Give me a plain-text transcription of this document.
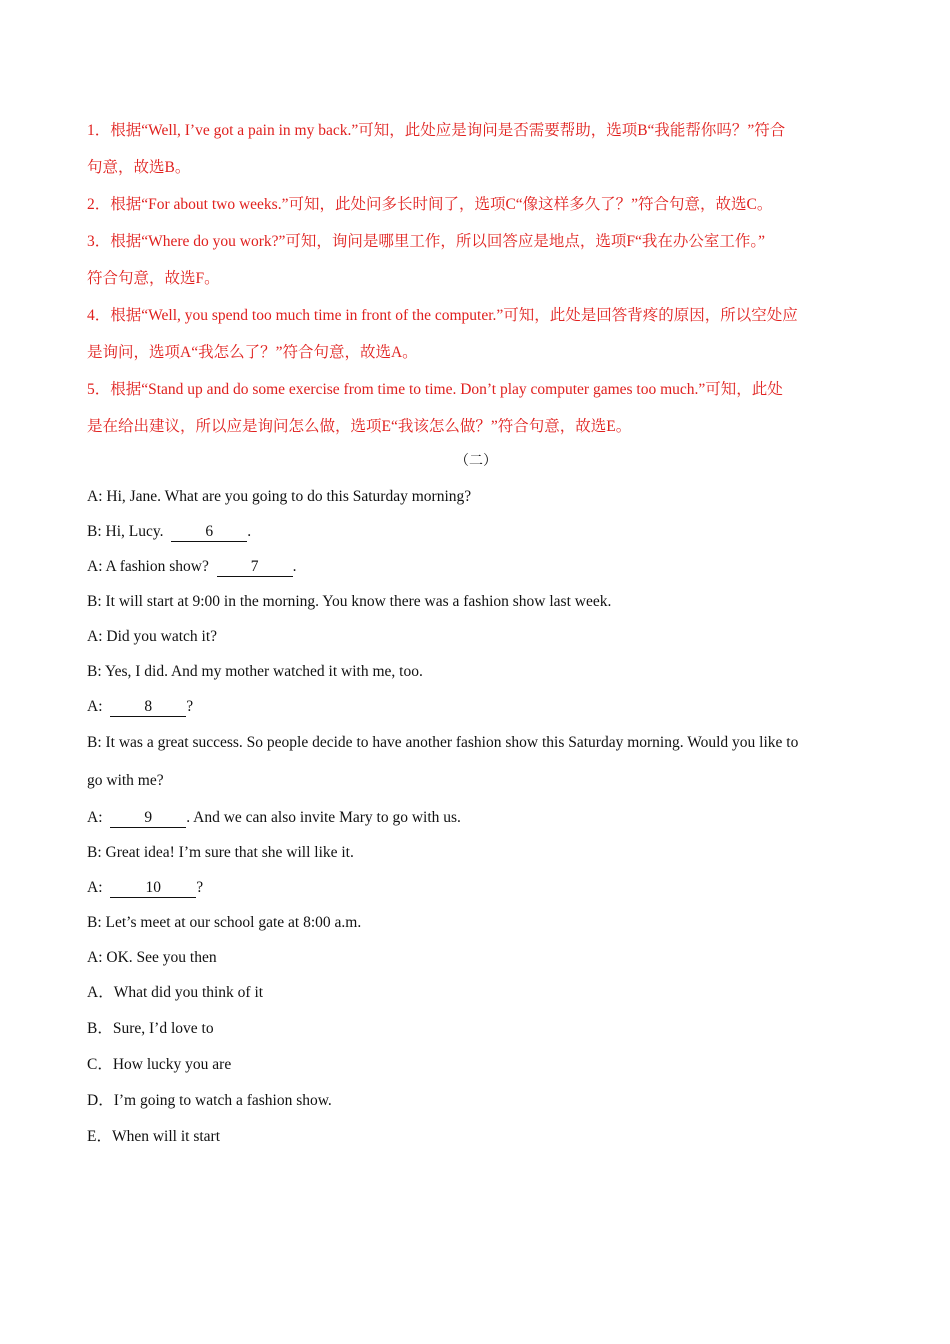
1．根据“Well, I’ve got a pain in my back.”可知，此处应是询问是否需要帮助，选项B“我能帮你吗？”符合

句意，故选B。

2．根据“For about two weeks.”可知，此处问多长时间了，选项C“像这样多久了？”符合句意，故选C。

3．根据“Where do you work?”可知，询问是哪里工作，所以回答应是地点，选项F“我在办公室工作。”

符合句意，故选F。

4．根据“Well, you spend too much time in front of the computer.”可知，此处是回答背疼的原因，所以空处应

是询问，选项A“我怎么了？”符合句意，故选A。

5．根据“Stand up and do some exercise from time to time. Don’t play computer games too much.”可知，此处

是在给出建议，所以应是询问怎么做，选项E“我该怎么做？”符合句意，故选E。

（二）

A: Hi, Jane. What are you going to do this Saturday morning?

B: Hi, Lucy.  6 .

A: A fashion show?  7 .

B: It will start at 9:00 in the morning. You know there was a fashion show last week.

A: Did you watch it?

B: Yes, I did. And my mother watched it with me, too.

A:  8 ?

B: It was a great success. So people decide to have another fashion show this Saturday morning. Would you like to

go with me?

A:  9 . And we can also invite Mary to go with us.

B: Great idea! I’m sure that she will like it.

A:  10 ?

B: Let’s meet at our school gate at 8:00 a.m.

A: OK. See you then

A．What did you think of it

B．Sure, I’d love to

C．How lucky you are

D．I’m going to watch a fashion show.

E．When will it start
